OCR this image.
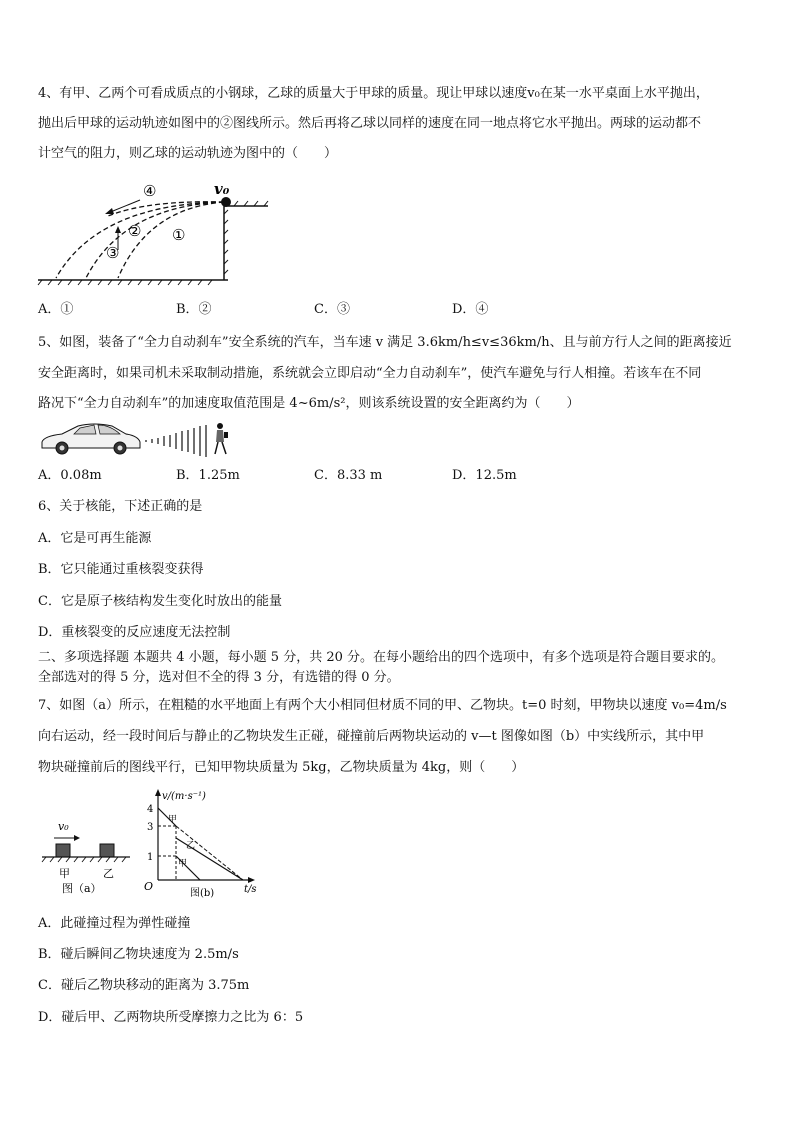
4、有甲、乙两个可看成质点的小钢球，乙球的质量大于甲球的质量。现让甲球以速度v₀在某一水平桌面上水平抛出，
抛出后甲球的运动轨迹如图中的②图线所示。然后再将乙球以同样的速度在同一地点将它水平抛出。两球的运动都不
计空气的阻力，则乙球的运动轨迹为图中的（　　）
v₀
④
② ①
③
A．①	B．②	C．③	D．④
5、如图，装备了“全力自动刹车”安全系统的汽车，当车速 v 满足 3.6km/h≤v≤36km/h、且与前方行人之间的距离接近
安全距离时，如果司机未采取制动措施，系统就会立即启动“全力自动刹车”，使汽车避免与行人相撞。若该车在不同
路况下“全力自动刹车”的加速度取值范围是 4~6m/s²，则该系统设置的安全距离约为（　　）
A．0.08m	B．1.25m	C．8.33 m	D．12.5m
6、关于核能，下述正确的是
A．它是可再生能源
B．它只能通过重核裂变获得
C．它是原子核结构发生变化时放出的能量
D．重核裂变的反应速度无法控制
二、多项选择题 本题共 4 小题，每小题 5 分，共 20 分。在每小题给出的四个选项中，有多个选项是符合题目要求的。
全部选对的得 5 分，选对但不全的得 3 分，有选错的得 0 分。
7、如图（a）所示，在粗糙的水平地面上有两个大小相同但材质不同的甲、乙物块。t=0 时刻，甲物块以速度 v₀=4m/s
向右运动，经一段时间后与静止的乙物块发生正碰，碰撞前后两物块运动的 v—t 图像如图（b）中实线所示，其中甲
物块碰撞前后的图线平行，已知甲物块质量为 5kg，乙物块质量为 4kg，则（　　）
v₀
甲	乙
图（a）
v/(m·s⁻¹)
t/s
O
4
3
1
甲
乙
甲
图(b)
A．此碰撞过程为弹性碰撞
B．碰后瞬间乙物块速度为 2.5m/s
C．碰后乙物块移动的距离为 3.75m
D．碰后甲、乙两物块所受摩擦力之比为 6：5
